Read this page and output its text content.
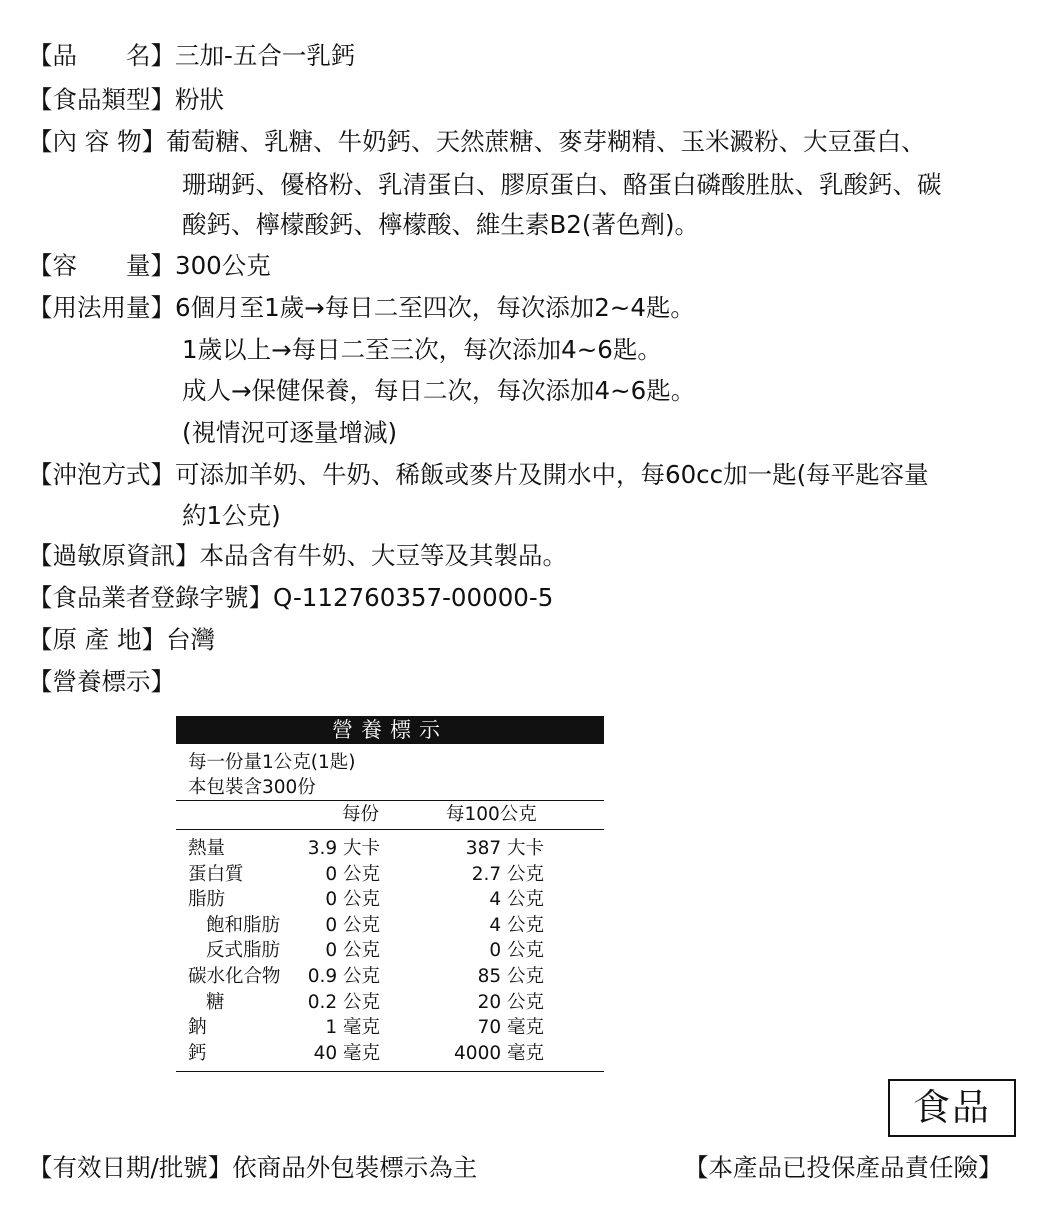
【品　　名】三加-五合一乳鈣
【食品類型】粉狀
【內 容 物】葡萄糖、乳糖、牛奶鈣、天然蔗糖、麥芽糊精、玉米澱粉、大豆蛋白、
珊瑚鈣、優格粉、乳清蛋白、膠原蛋白、酪蛋白磷酸胜肽、乳酸鈣、碳
酸鈣、檸檬酸鈣、檸檬酸、維生素B2(著色劑)。
【容　　量】300公克
【用法用量】6個月至1歲→每日二至四次，每次添加2~4匙。
1歲以上→每日二至三次，每次添加4~6匙。
成人→保健保養，每日二次，每次添加4~6匙。
(視情況可逐量增減)
【沖泡方式】可添加羊奶、牛奶、稀飯或麥片及開水中，每60cc加一匙(每平匙容量
約1公克)
【過敏原資訊】本品含有牛奶、大豆等及其製品。
【食品業者登錄字號】Q-112760357-00000-5
【原 產 地】台灣
【營養標示】
營養標示
每一份量1公克(1匙)
本包裝含300份
每份	每100公克
熱量	3.9 大卡	387 大卡
蛋白質	0 公克	2.7 公克
脂肪	0 公克	4 公克
飽和脂肪 0 公克	4 公克
反式脂肪 0 公克	0 公克
碳水化合物 0.9 公克	85 公克
糖	0.2 公克	20 公克
鈉	1 毫克	70 毫克
鈣	40 毫克	4000 毫克
食品
【有效日期/批號】依商品外包裝標示為主	【本產品已投保產品責任險】
